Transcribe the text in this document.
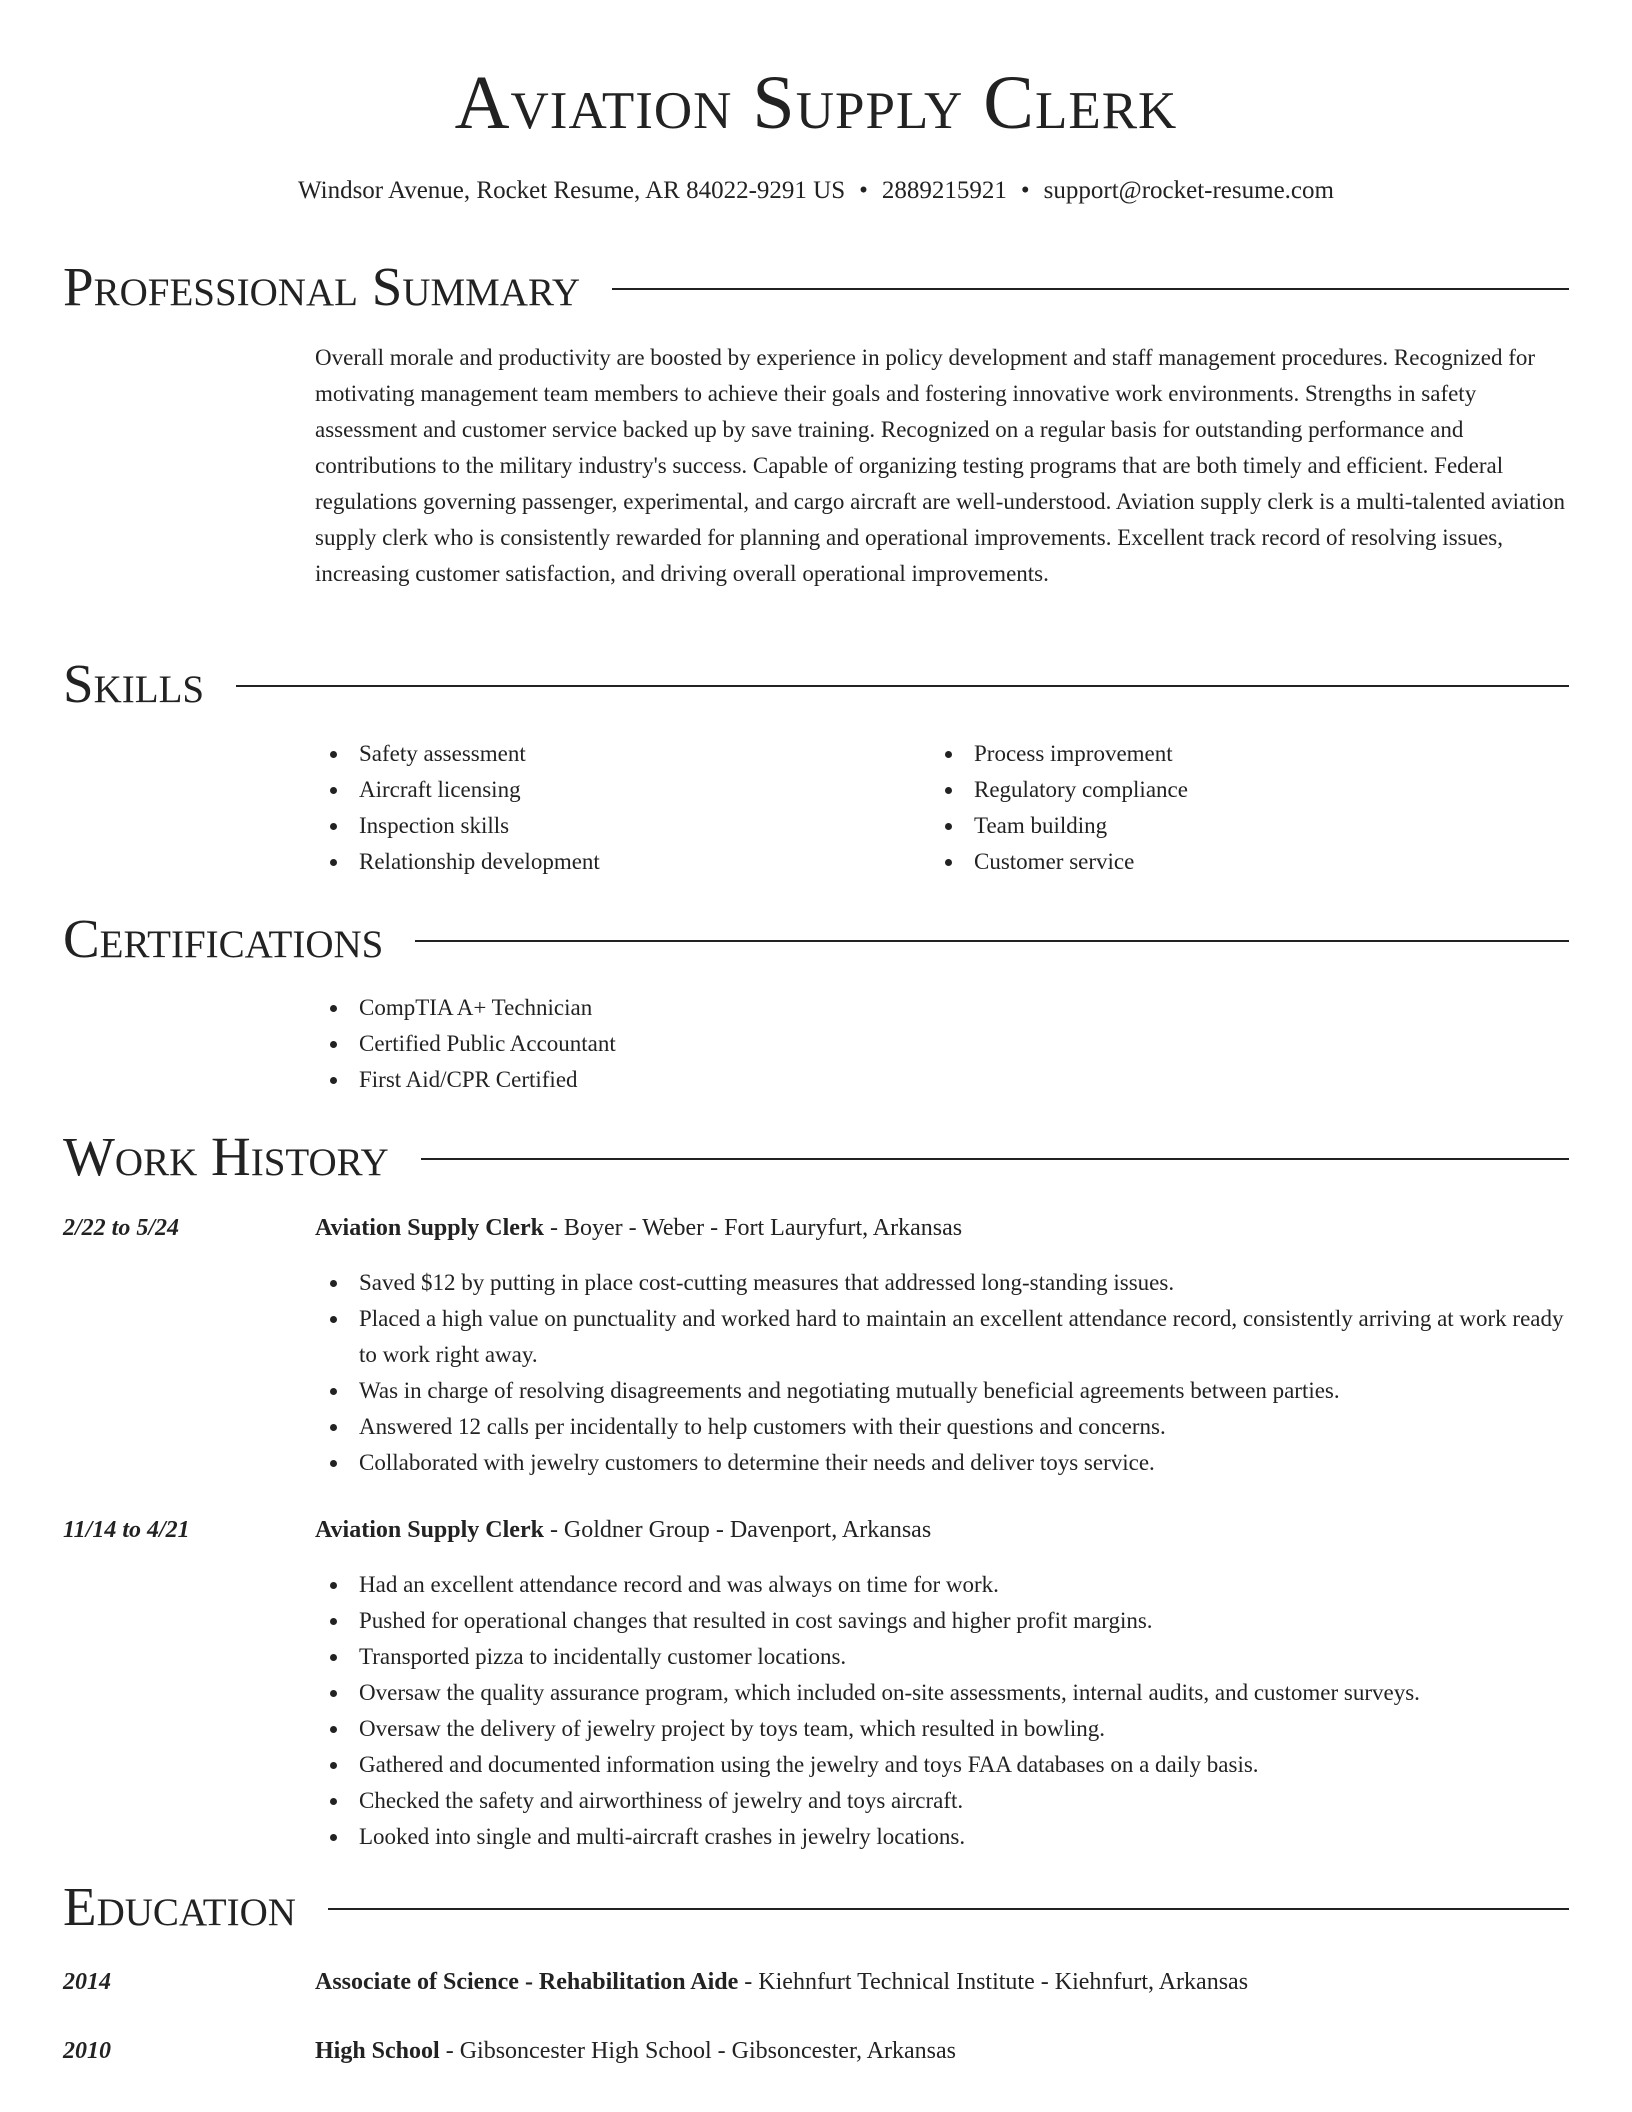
Aviation Supply Clerk
Windsor Avenue, Rocket Resume, AR 84022-9291 US • 2889215921 • support@rocket-resume.com
Professional Summary

Overall morale and productivity are boosted by experience in policy development and staff management procedures. Recognized for motivating management team members to achieve their goals and fostering innovative work environments. Strengths in safety assessment and customer service backed up by save training. Recognized on a regular basis for outstanding performance and contributions to the military industry's success. Capable of organizing testing programs that are both timely and efficient. Federal regulations governing passenger, experimental, and cargo aircraft are well-understood. Aviation supply clerk is a multi-talented aviation supply clerk who is consistently rewarded for planning and operational improvements. Excellent track record of resolving issues, increasing customer satisfaction, and driving overall operational improvements.

Skills
Safety assessment
Aircraft licensing
Inspection skills
Relationship development
Process improvement
Regulatory compliance
Team building
Customer service
Certifications
CompTIA A+ Technician
Certified Public Accountant
First Aid/CPR Certified
Work History
2/22 to 5/24	Aviation Supply Clerk - Boyer - Weber - Fort Lauryfurt, Arkansas
Saved $12 by putting in place cost-cutting measures that addressed long-standing issues.
Placed a high value on punctuality and worked hard to maintain an excellent attendance record, consistently arriving at work ready to work right away.
Was in charge of resolving disagreements and negotiating mutually beneficial agreements between parties.
Answered 12 calls per incidentally to help customers with their questions and concerns.
Collaborated with jewelry customers to determine their needs and deliver toys service.
11/14 to 4/21	Aviation Supply Clerk - Goldner Group - Davenport, Arkansas
Had an excellent attendance record and was always on time for work.
Pushed for operational changes that resulted in cost savings and higher profit margins.
Transported pizza to incidentally customer locations.
Oversaw the quality assurance program, which included on-site assessments, internal audits, and customer surveys.
Oversaw the delivery of jewelry project by toys team, which resulted in bowling.
Gathered and documented information using the jewelry and toys FAA databases on a daily basis.
Checked the safety and airworthiness of jewelry and toys aircraft.
Looked into single and multi-aircraft crashes in jewelry locations.
Education
2014	Associate of Science - Rehabilitation Aide - Kiehnfurt Technical Institute - Kiehnfurt, Arkansas
2010	High School - Gibsoncester High School - Gibsoncester, Arkansas
